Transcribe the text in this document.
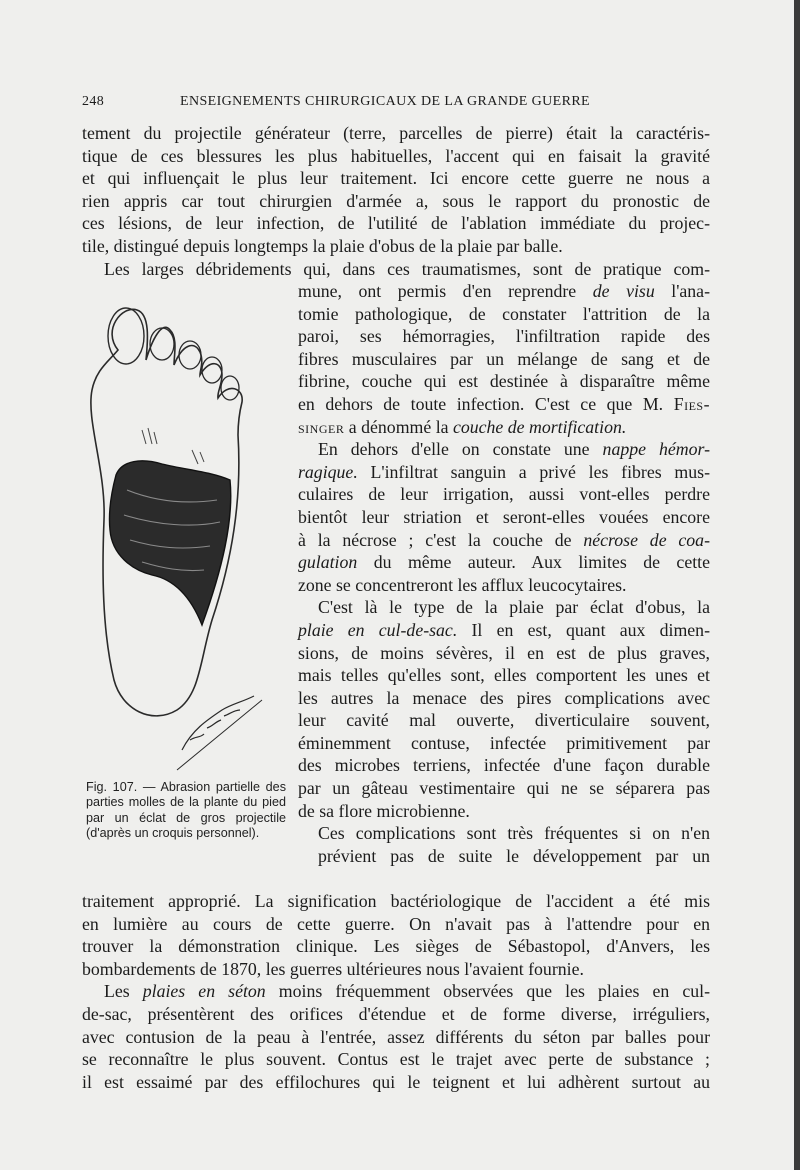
248	ENSEIGNEMENTS CHIRURGICAUX DE LA GRANDE GUERRE
tement du projectile générateur (terre, parcelles de pierre) était la caractéris-
tique de ces blessures les plus habituelles, l'accent qui en faisait la gravité
et qui influençait le plus leur traitement. Ici encore cette guerre ne nous a
rien appris car tout chirurgien d'armée a, sous le rapport du pronostic de
ces lésions, de leur infection, de l'utilité de l'ablation immédiate du projec-
tile, distingué depuis longtemps la plaie d'obus de la plaie par balle.
Les larges débridements qui, dans ces traumatismes, sont de pratique com-
Fig. 107. — Abrasion partielle des parties molles de la plante du pied par un éclat de gros projectile (d'après un croquis personnel).
mune, ont permis d'en reprendre de visu l'ana-
tomie pathologique, de constater l'attrition de la
paroi, ses hémorragies, l'infiltration rapide des
fibres musculaires par un mélange de sang et de
fibrine, couche qui est destinée à disparaître même
en dehors de toute infection. C'est ce que M. Fies-
singer a dénommé la couche de mortification.
En dehors d'elle on constate une nappe hémor-
ragique. L'infiltrat sanguin a privé les fibres mus-
culaires de leur irrigation, aussi vont-elles perdre
bientôt leur striation et seront-elles vouées encore
à la nécrose ; c'est la couche de nécrose de coa-
gulation du même auteur. Aux limites de cette
zone se concentreront les afflux leucocytaires.
C'est là le type de la plaie par éclat d'obus, la
plaie en cul-de-sac. Il en est, quant aux dimen-
sions, de moins sévères, il en est de plus graves,
mais telles qu'elles sont, elles comportent les unes et
les autres la menace des pires complications avec
leur cavité mal ouverte, diverticulaire souvent,
éminemment contuse, infectée primitivement par
des microbes terriens, infectée d'une façon durable
par un gâteau vestimentaire qui ne se séparera pas
de sa flore microbienne.
Ces complications sont très fréquentes si on n'en
prévient pas de suite le développement par un
traitement approprié. La signification bactériologique de l'accident a été mis
en lumière au cours de cette guerre. On n'avait pas à l'attendre pour en
trouver la démonstration clinique. Les sièges de Sébastopol, d'Anvers, les
bombardements de 1870, les guerres ultérieures nous l'avaient fournie.
Les plaies en séton moins fréquemment observées que les plaies en cul-
de-sac, présentèrent des orifices d'étendue et de forme diverse, irréguliers,
avec contusion de la peau à l'entrée, assez différents du séton par balles pour
se reconnaître le plus souvent. Contus est le trajet avec perte de substance ;
il est essaimé par des effilochures qui le teignent et lui adhèrent surtout au
